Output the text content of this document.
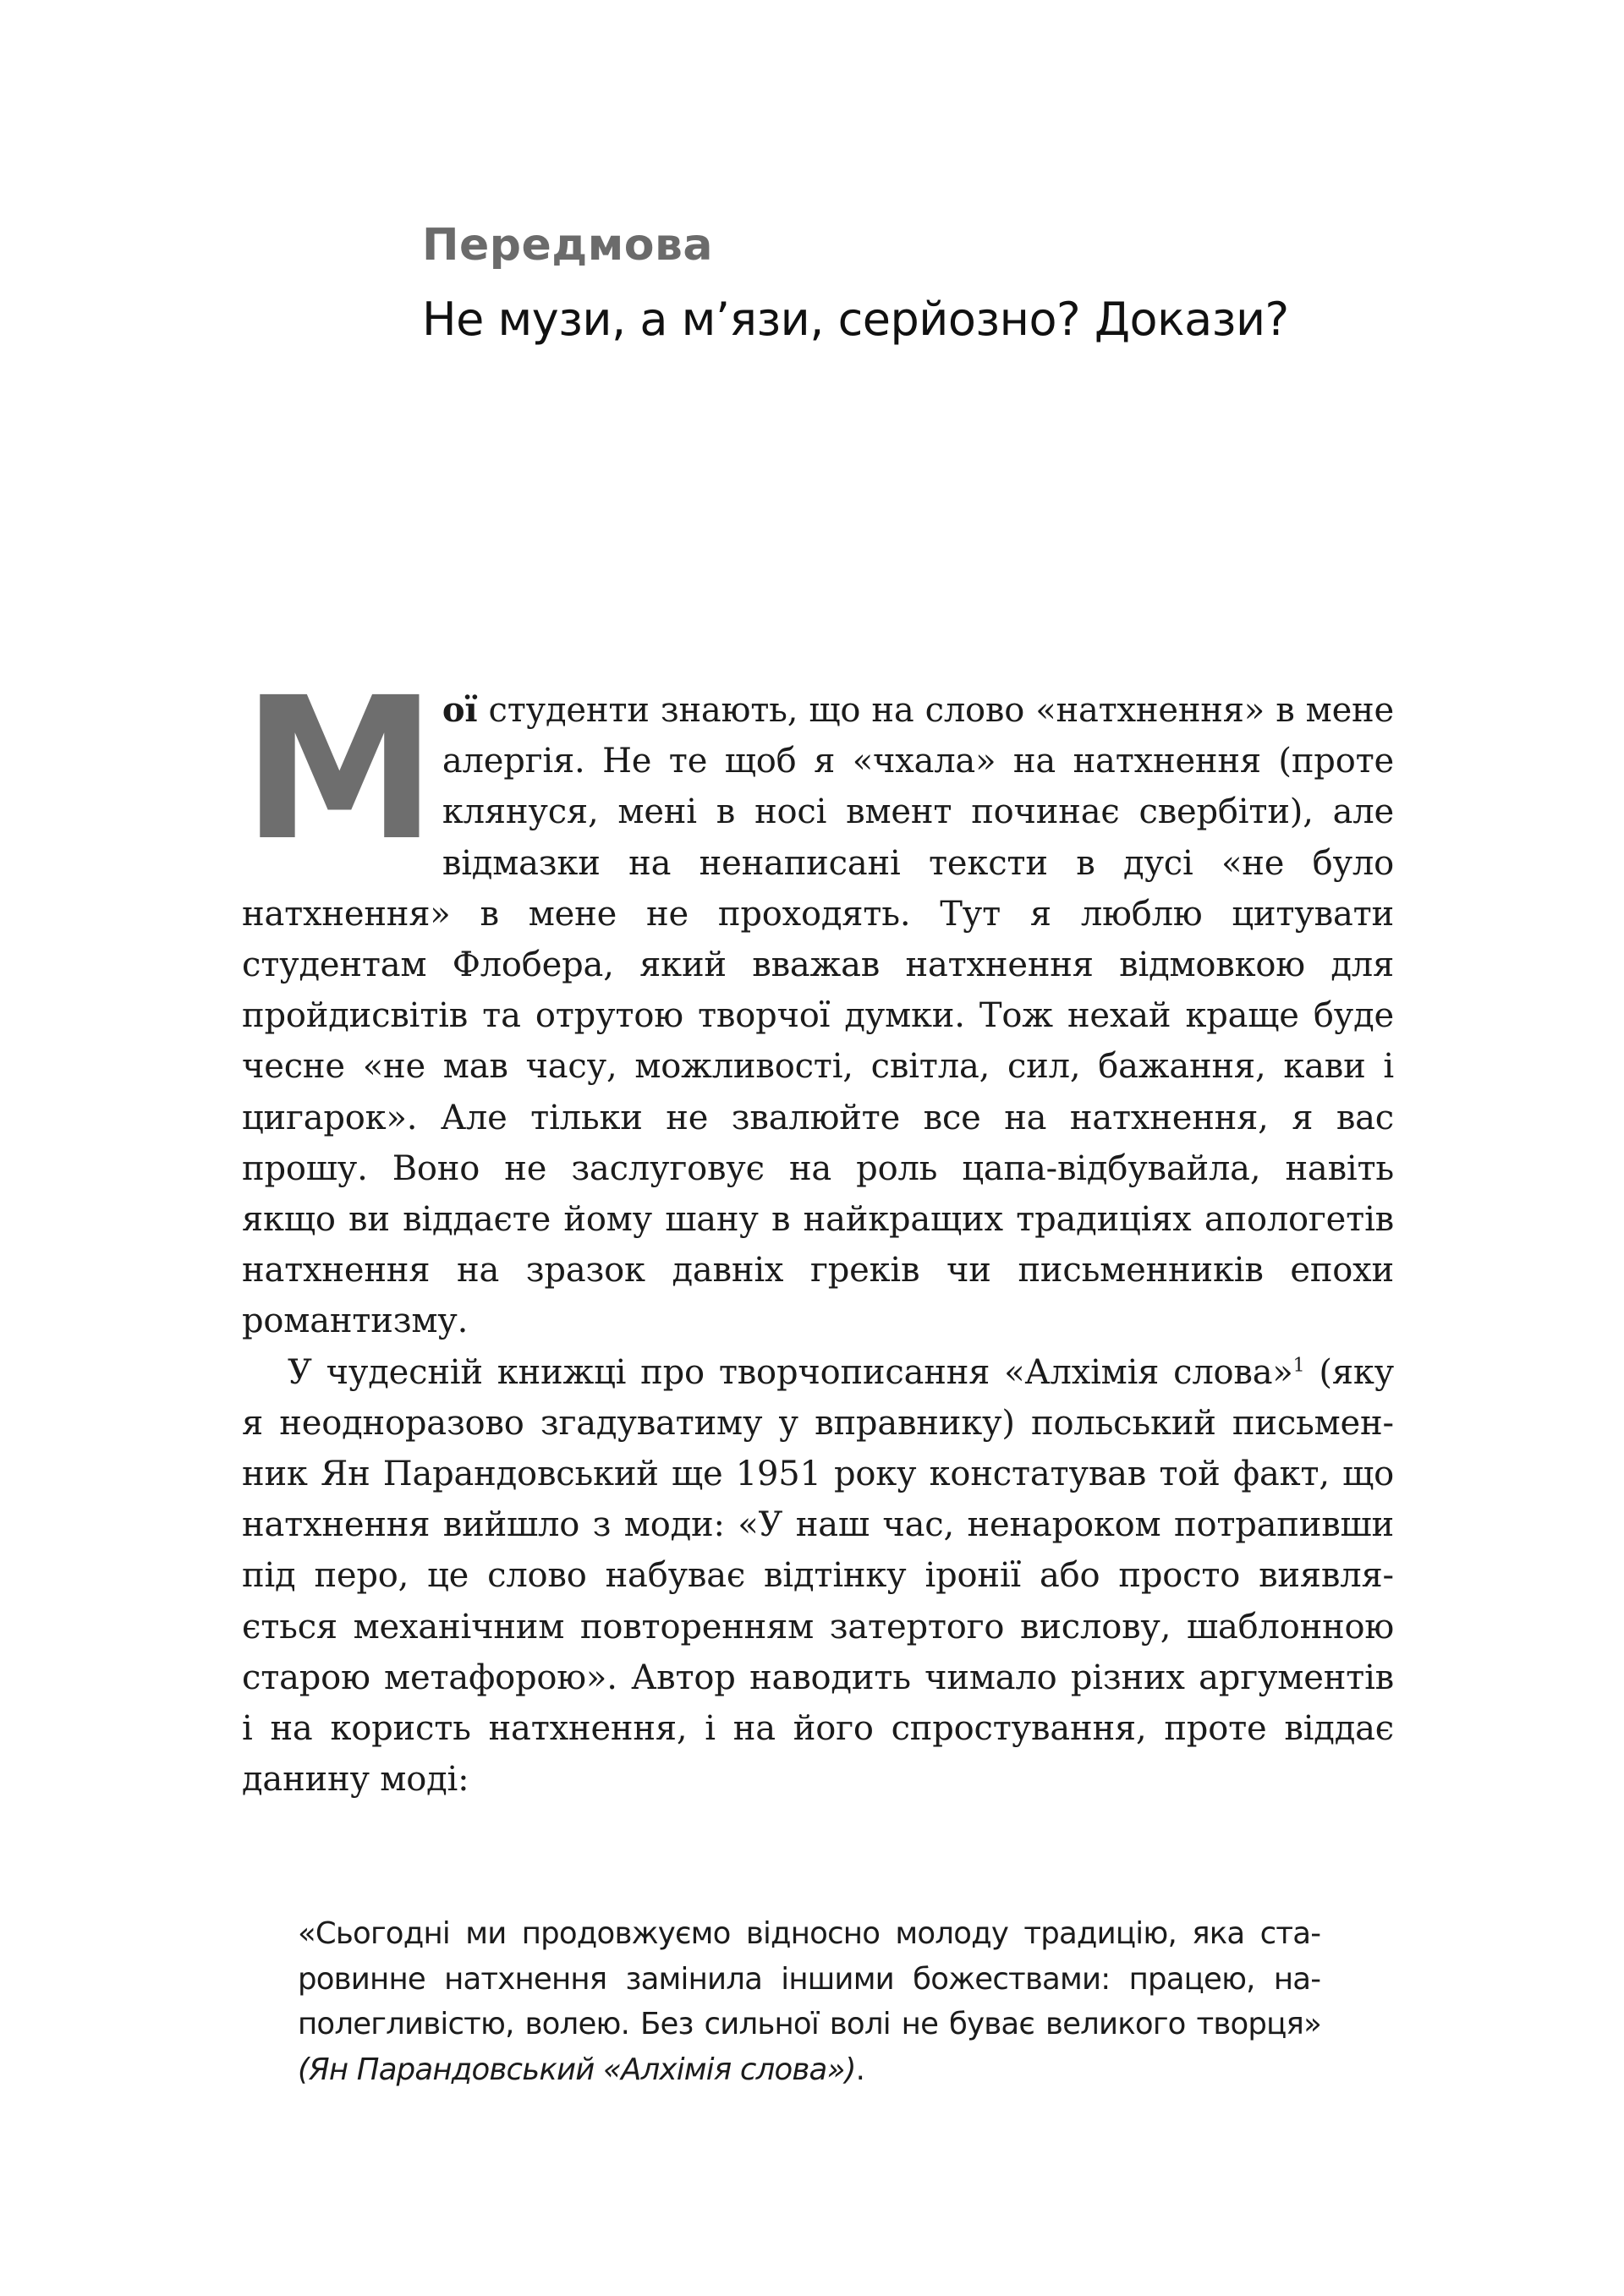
Передмова
Не музи, а м’язи, серйозно? Докази?

Мої студенти знають, що на слово «натхнення» в мене алергія. Не те щоб я «чхала» на натхнення (проте клянуся, мені в носі вмент починає свербіти), але відмазки на ненаписані тексти в дусі «не було натхнення» в мене не проходять. Тут я люблю цитувати студентам Флобера, який вважав натхнення відмовкою для пройдисвітів та отрутою творчої думки. Тож нехай краще буде чесне «не мав часу, можливості, світла, сил, бажання, кави і цигарок». Але тільки не звалюйте все на натхнення, я вас прошу. Воно не заслуговує на роль цапа-відбувайла, навіть якщо ви віддаєте йому шану в найкращих традиціях апологетів натхнення на зразок давніх греків чи письменників епохи романтизму.

У чудесній книжці про творчописання «Алхімія слова»$^1$ (яку я неодноразово згадуватиму у вправнику) польський письменник Ян Парандовський ще 1951 року констатував той факт, що натхнення вийшло з моди: «У наш час, ненароком потрапивши під перо, це слово набуває відтінку іронії або просто виявляється механічним повторенням затертого вислову, шаблонною старою метафорою». Автор наводить чимало різних аргументів і на користь натхнення, і на його спростування, проте віддає данину моді:

«Сьогодні ми продовжуємо відносно молоду традицію, яка старовинне натхнення замінила іншими божествами: працею, наполегливістю, волею. Без сильної волі не буває великого творця» (Ян Парандовський «Алхімія слова»).
